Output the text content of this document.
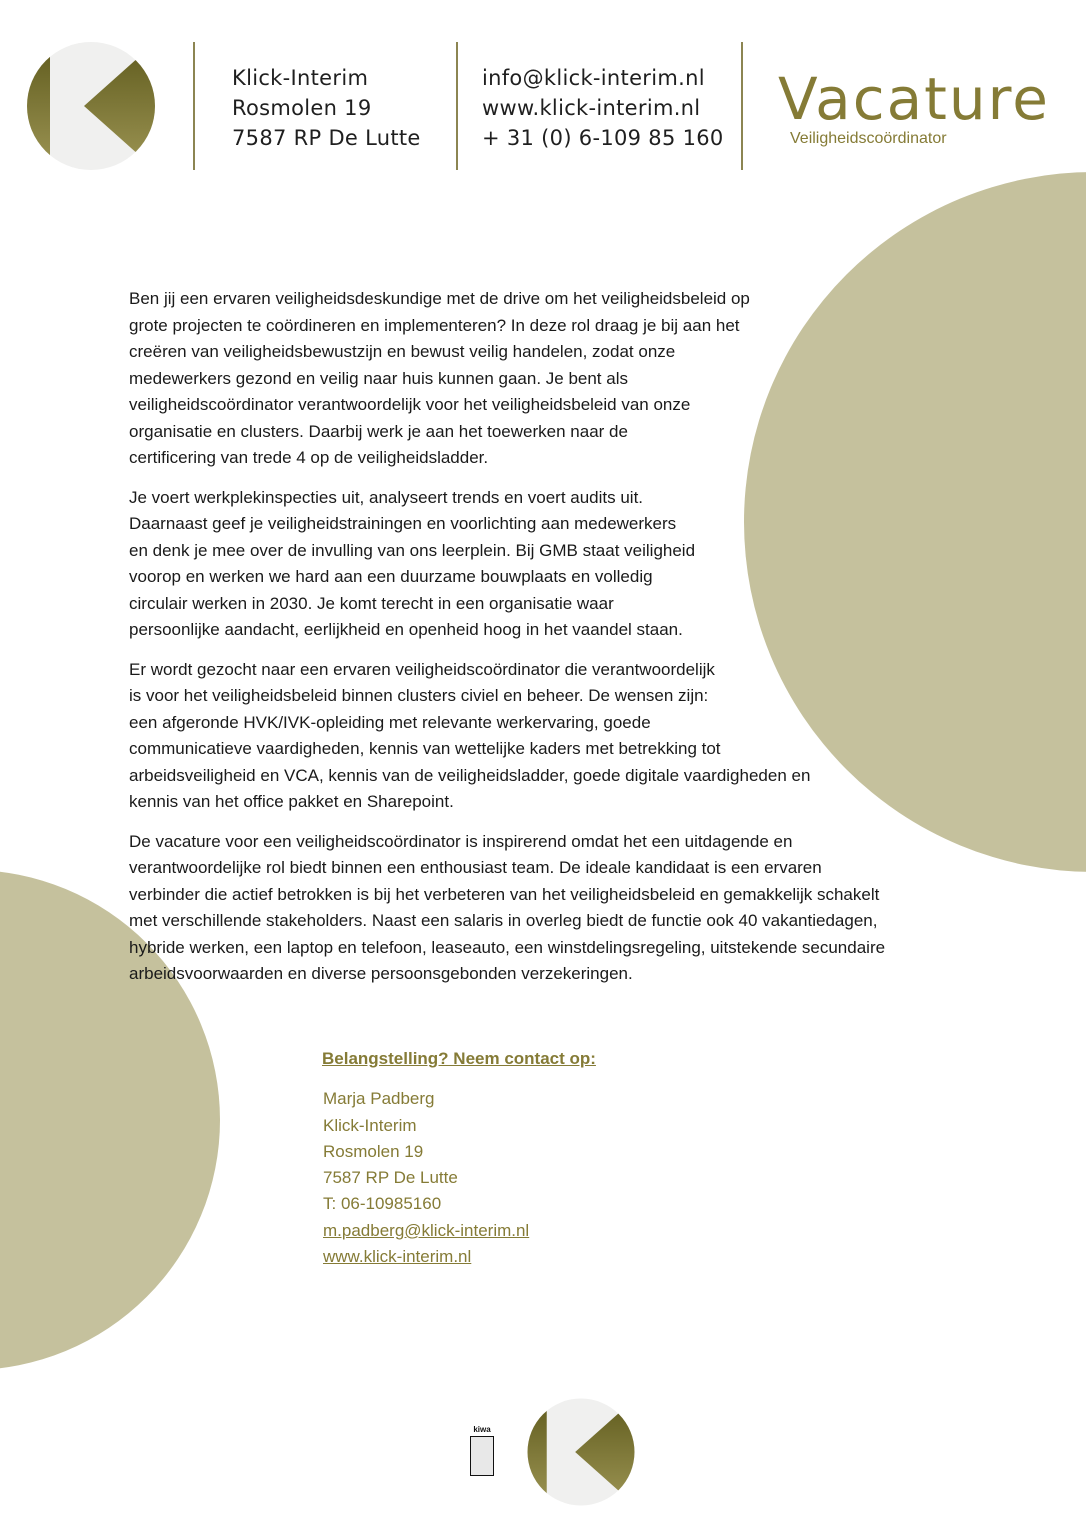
Klick-Interim
Rosmolen 19
7587 RP De Lutte
info@klick-interim.nl
www.klick-interim.nl
+ 31 (0) 6-109 85 160
Vacature
Veiligheidscoördinator

Ben jij een ervaren veiligheidsdeskundige met de drive om het veiligheidsbeleid op
grote projecten te coördineren en implementeren? In deze rol draag je bij aan het
creëren van veiligheidsbewustzijn en bewust veilig handelen, zodat onze
medewerkers gezond en veilig naar huis kunnen gaan. Je bent als
veiligheidscoördinator verantwoordelijk voor het veiligheidsbeleid van onze
organisatie en clusters. Daarbij werk je aan het toewerken naar de
certificering van trede 4 op de veiligheidsladder.

Je voert werkplekinspecties uit, analyseert trends en voert audits uit.
Daarnaast geef je veiligheidstrainingen en voorlichting aan medewerkers
en denk je mee over de invulling van ons leerplein. Bij GMB staat veiligheid
voorop en werken we hard aan een duurzame bouwplaats en volledig
circulair werken in 2030. Je komt terecht in een organisatie waar
persoonlijke aandacht, eerlijkheid en openheid hoog in het vaandel staan.

Er wordt gezocht naar een ervaren veiligheidscoördinator die verantwoordelijk
is voor het veiligheidsbeleid binnen clusters civiel en beheer. De wensen zijn:
een afgeronde HVK/IVK-opleiding met relevante werkervaring, goede
communicatieve vaardigheden, kennis van wettelijke kaders met betrekking tot
arbeidsveiligheid en VCA, kennis van de veiligheidsladder, goede digitale vaardigheden en
kennis van het office pakket en Sharepoint.

De vacature voor een veiligheidscoördinator is inspirerend omdat het een uitdagende en
verantwoordelijke rol biedt binnen een enthousiast team. De ideale kandidaat is een ervaren
verbinder die actief betrokken is bij het verbeteren van het veiligheidsbeleid en gemakkelijk schakelt
met verschillende stakeholders. Naast een salaris in overleg biedt de functie ook 40 vakantiedagen,
hybride werken, een laptop en telefoon, leaseauto, een winstdelingsregeling, uitstekende secundaire
arbeidsvoorwaarden en diverse persoonsgebonden verzekeringen.

Belangstelling? Neem contact op:
Marja Padberg
Klick-Interim
Rosmolen 19
7587 RP De Lutte
T: 06-10985160
m.padberg@klick-interim.nl
www.klick-interim.nl
kiwa
